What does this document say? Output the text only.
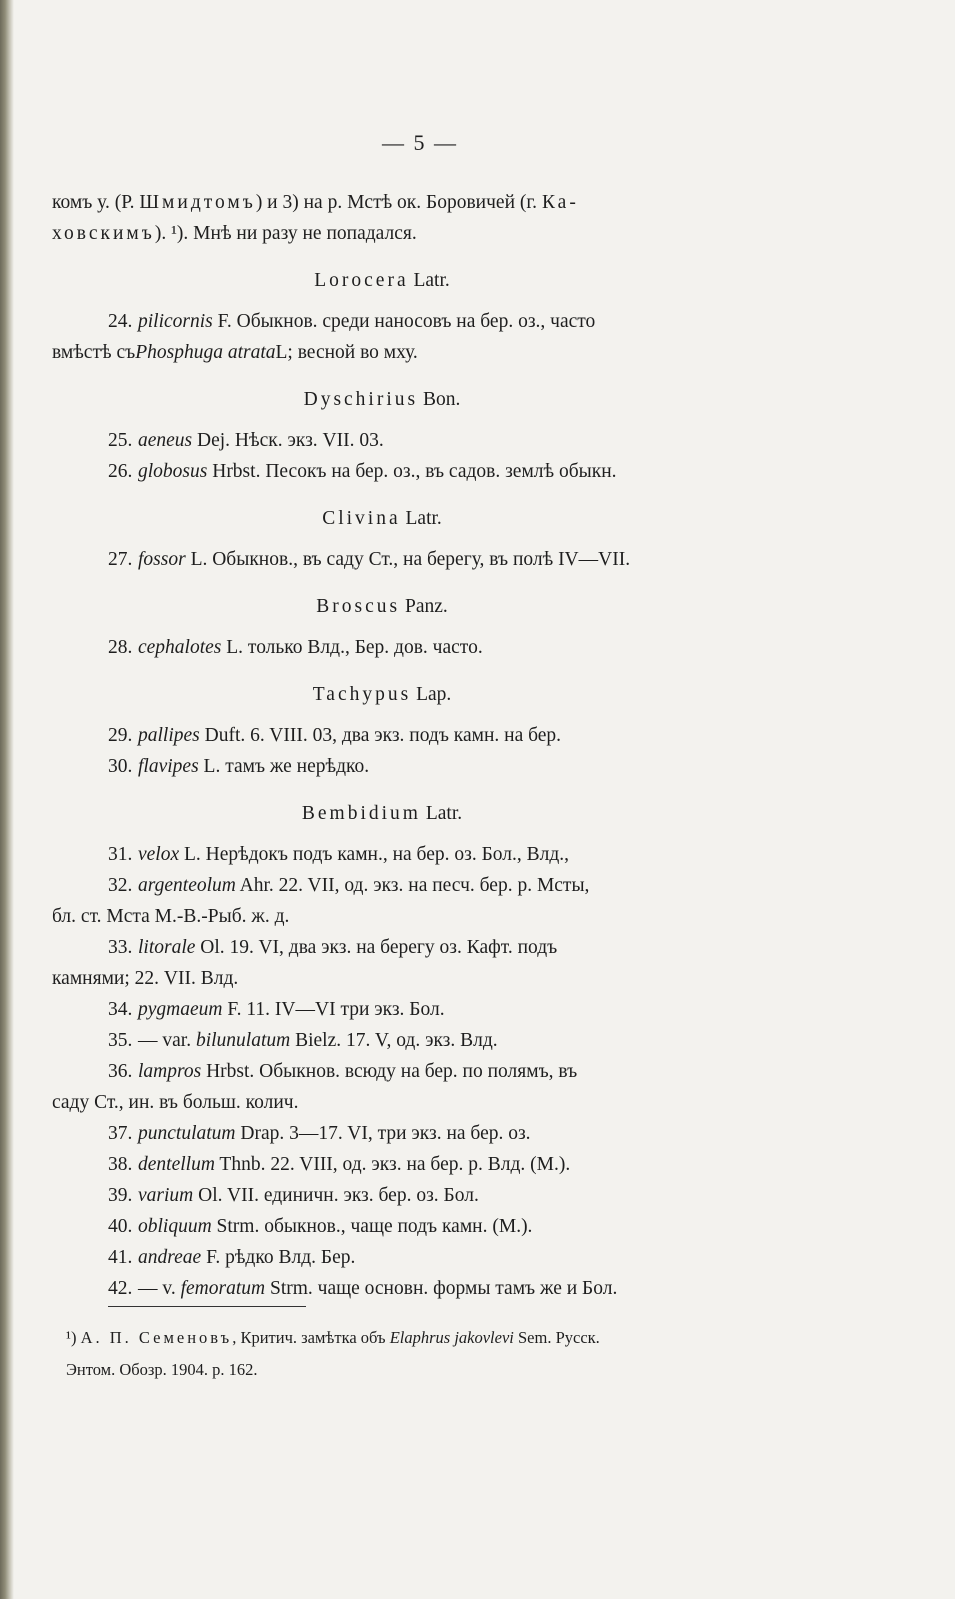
— 5 —
комъ у. (Р. Шмидтомъ) и 3) на р. Мстѣ ок. Боровичей (г. Ка-
ховскимъ ). ¹). Мнѣ ни разу не попадался.
Lorocera Latr.
24. pilicornis F. Обыкнов. среди наносовъ на бер. оз., часто
вмѣстѣ съ Phosphuga atrata L; весной во мху.
Dyschirius Bon.
25. aeneus Dej. Нѣск. экз. VII. 03.
26. globosus Hrbst. Песокъ на бер. оз., въ садов. землѣ обыкн.
Clivina Latr.
27. fossor L. Обыкнов., въ саду Ст., на берегу, въ полѣ IV—VII.
Broscus Panz.
28. cephalotes L. только Влд., Бер. дов. часто.
Tachypus Lap.
29. pallipes Duft. 6. VIII. 03, два экз. подъ камн. на бер.
30. flavipes L. тамъ же нерѣдко.
Bembidium Latr.
31. velox L. Нерѣдокъ подъ камн., на бер. оз. Бол., Влд.,
32. argenteolum Ahr. 22. VII, од. экз. на песч. бер. р. Мсты,
бл. ст. Мста М.-В.-Рыб. ж. д.
33. litorale Ol. 19. VI, два экз. на берегу оз. Кафт. подъ
камнями; 22. VII. Влд.
34. pygmaeum F. 11. IV—VI три экз. Бол.
35. — var. bilunulatum Bielz. 17. V, од. экз. Влд.
36. lampros Hrbst. Обыкнов. всюду на бер. по полямъ, въ
саду Ст., ин. въ больш. колич.
37. punctulatum Drap. 3—17. VI, три экз. на бер. оз.
38. dentellum Thnb. 22. VIII, од. экз. на бер. р. Влд. (М.).
39. varium Ol. VII. единичн. экз. бер. оз. Бол.
40. obliquum Strm. обыкнов., чаще подъ камн. (М.).
41. andreae F. рѣдко Влд. Бер.
42. — v. femoratum Strm. чаще основн. формы тамъ же и Бол.
¹) А. П. Семеновъ, Критич. замѣтка объ Elaphrus jakovlevi Sem. Русск.
Энтом. Обозр. 1904. р. 162.
